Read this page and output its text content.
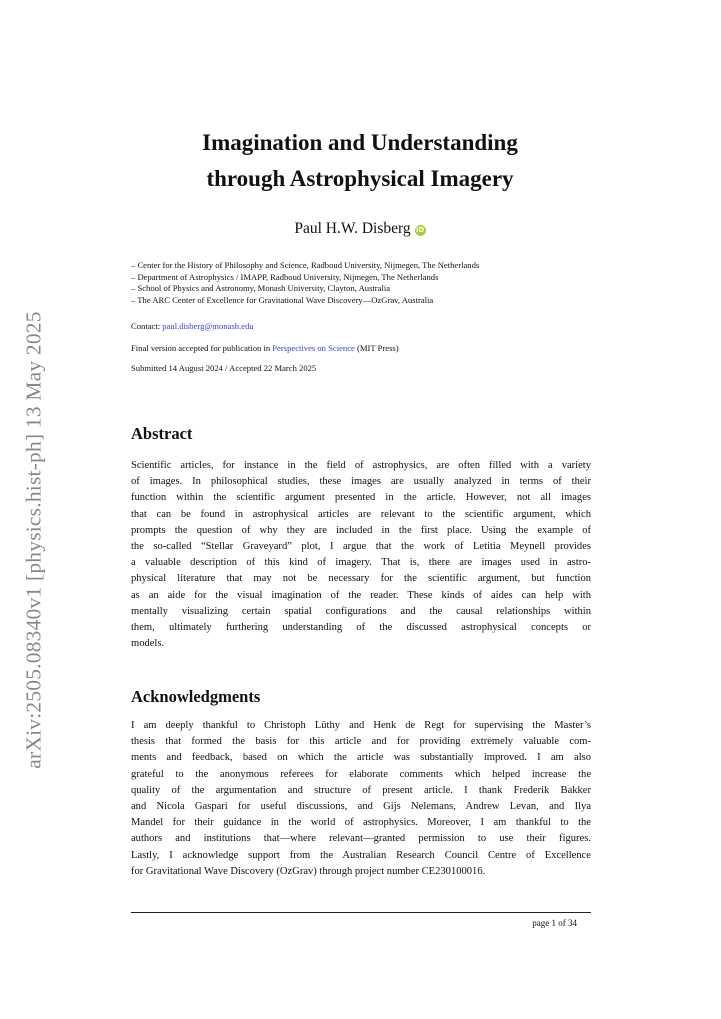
arXiv:2505.08340v1 [physics.hist-ph] 13 May 2025
Imagination and Understanding
through Astrophysical Imagery
Paul H.W. Disberg iD
– Center for the History of Philosophy and Science, Radboud University, Nijmegen, The Netherlands
– Department of Astrophysics / IMAPP, Radboud University, Nijmegen, The Netherlands
– School of Physics and Astronomy, Monash University, Clayton, Australia
– The ARC Center of Excellence for Gravitational Wave Discovery—OzGrav, Australia
Contact: paul.disberg@monash.edu
Final version accepted for publication in Perspectives on Science (MIT Press)
Submitted 14 August 2024 / Accepted 22 March 2025
Abstract
Scientific articles, for instance in the field of astrophysics, are often filled with a variety
of images. In philosophical studies, these images are usually analyzed in terms of their
function within the scientific argument presented in the article. However, not all images
that can be found in astrophysical articles are relevant to the scientific argument, which
prompts the question of why they are included in the first place. Using the example of
the so-called “Stellar Graveyard” plot, I argue that the work of Letitia Meynell provides
a valuable description of this kind of imagery. That is, there are images used in astro-
physical literature that may not be necessary for the scientific argument, but function
as an aide for the visual imagination of the reader. These kinds of aides can help with
mentally visualizing certain spatial configurations and the causal relationships within
them, ultimately furthering understanding of the discussed astrophysical concepts or
models.
Acknowledgments
I am deeply thankful to Christoph Lüthy and Henk de Regt for supervising the Master’s
thesis that formed the basis for this article and for providing extremely valuable com-
ments and feedback, based on which the article was substantially improved. I am also
grateful to the anonymous referees for elaborate comments which helped increase the
quality of the argumentation and structure of present article. I thank Frederik Bakker
and Nicola Gaspari for useful discussions, and Gijs Nelemans, Andrew Levan, and Ilya
Mandel for their guidance in the world of astrophysics. Moreover, I am thankful to the
authors and institutions that—where relevant—granted permission to use their figures.
Lastly, I acknowledge support from the Australian Research Council Centre of Excellence
for Gravitational Wave Discovery (OzGrav) through project number CE230100016.
page 1 of 34
